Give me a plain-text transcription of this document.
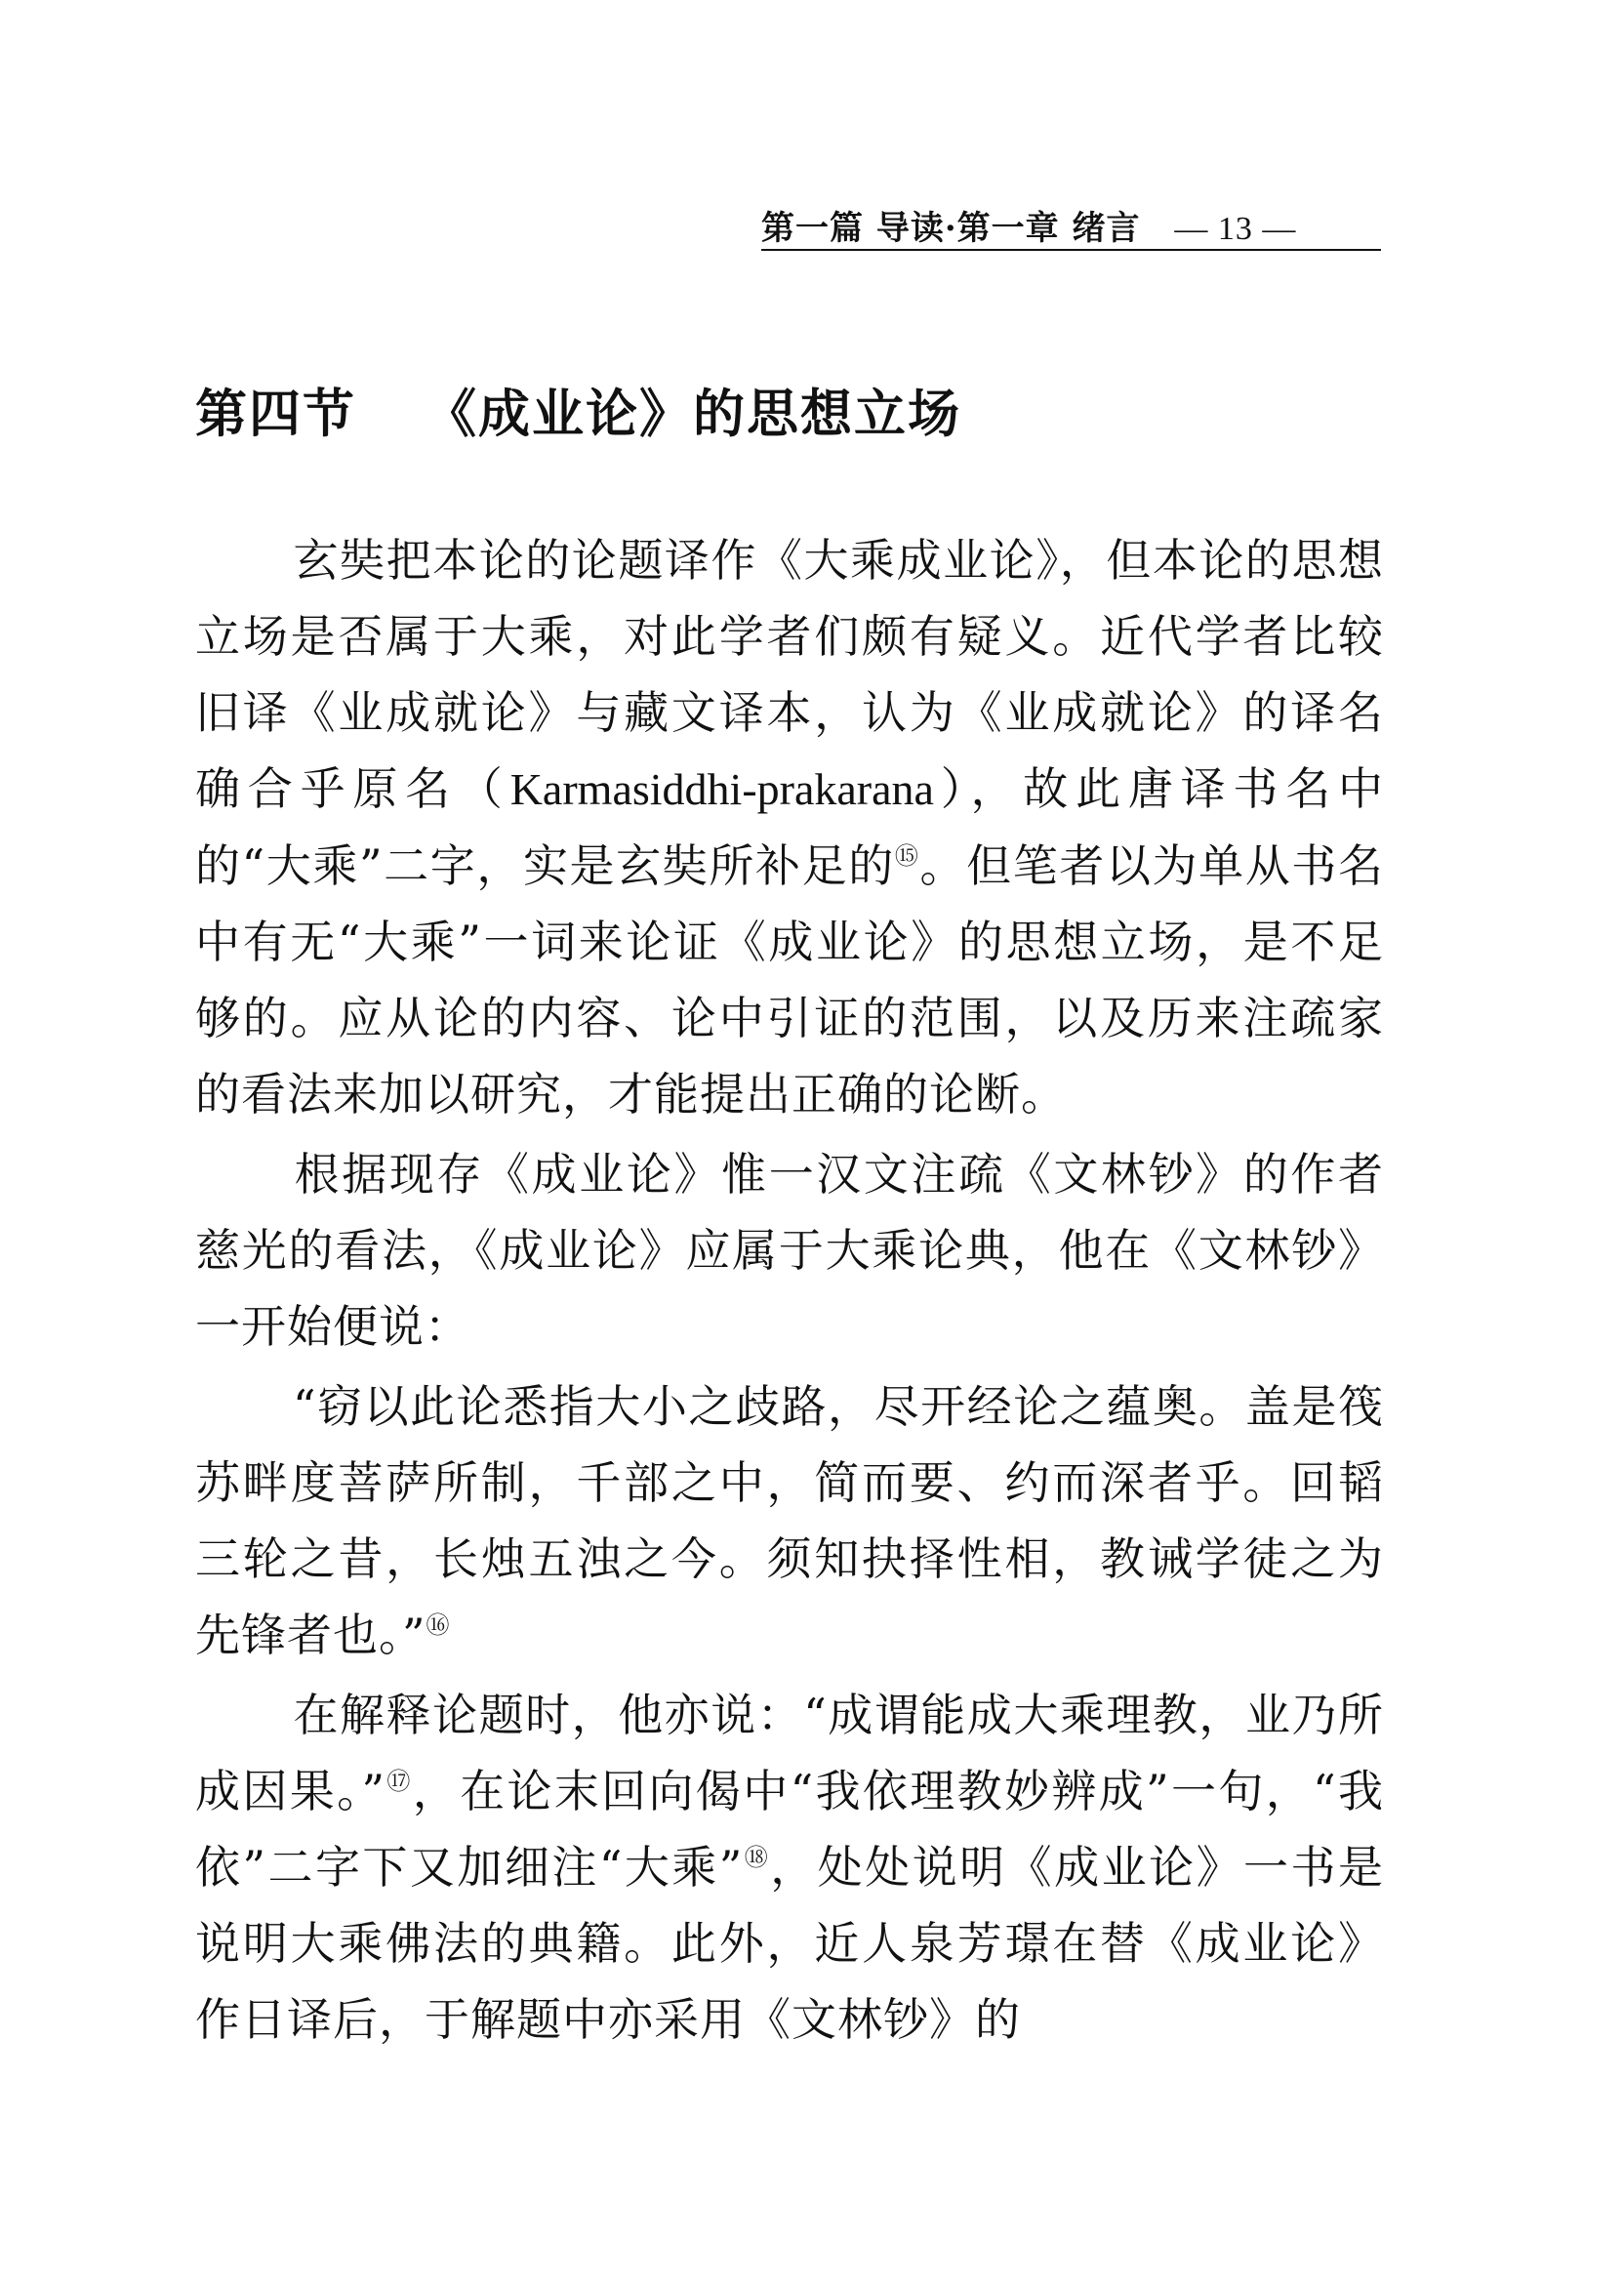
第一篇 导读·第一章 绪言 — 13 —
第四节 《成业论》的思想立场

玄奘把本论的论题译作《大乘成业论》，但本论的思想立场是否属于大乘，对此学者们颇有疑义。近代学者比较旧译《业成就论》与藏文译本，认为《业成就论》的译名确合乎原名（Karmasiddhi-prakarana），故此唐译书名中的“大乘”二字，实是玄奘所补足的⑮。但笔者以为单从书名中有无“大乘”一词来论证《成业论》的思想立场，是不足够的。应从论的内容、论中引证的范围，以及历来注疏家的看法来加以研究，才能提出正确的论断。

根据现存《成业论》惟一汉文注疏《文林钞》的作者慈光的看法，《成业论》应属于大乘论典，他在《文林钞》一开始便说：

“窃以此论悉指大小之歧路，尽开经论之蕴奥。盖是筏苏畔度菩萨所制，千部之中，简而要、约而深者乎。回韬三轮之昔，长烛五浊之今。须知抉择性相，教诫学徒之为先锋者也。”⑯

在解释论题时，他亦说：“成谓能成大乘理教，业乃所成因果。”⑰，在论末回向偈中“我依理教妙辨成”一句，“我依”二字下又加细注“大乘”⑱，处处说明《成业论》一书是说明大乘佛法的典籍。此外，近人泉芳璟在替《成业论》作日译后，于解题中亦采用《文林钞》的
